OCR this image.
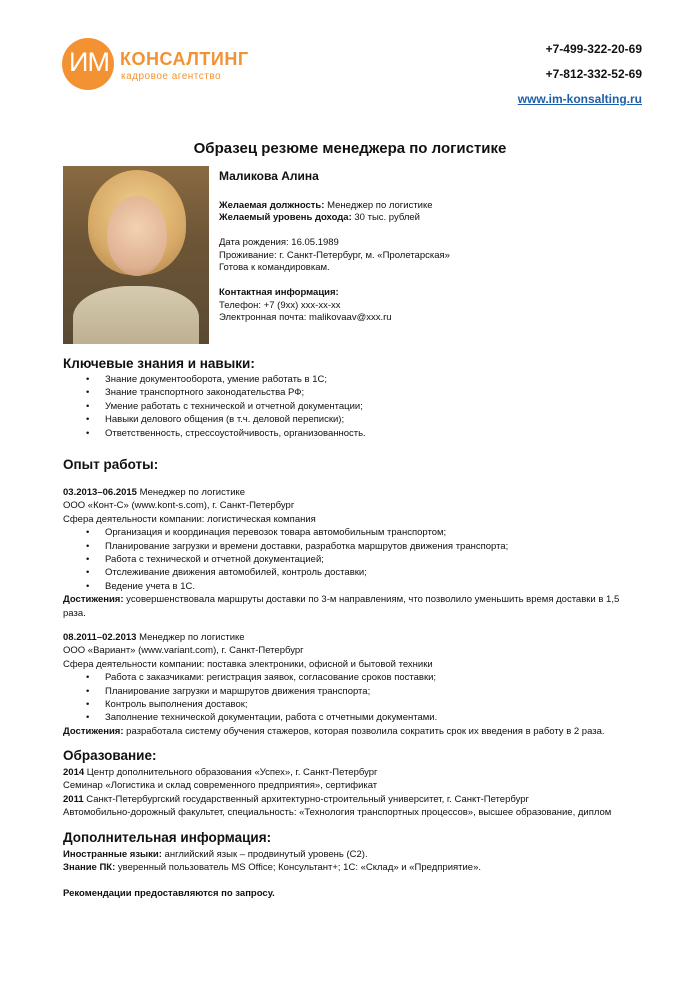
ИМ КОНСАЛТИНГ
кадровое агентство
+7-499-322-20-69
+7-812-332-52-69
www.im-konsalting.ru
Образец резюме менеджера по логистике
Маликова Алина
Желаемая должность: Менеджер по логистике
Желаемый уровень дохода: 30 тыс. рублей
Дата рождения: 16.05.1989
Проживание: г. Санкт-Петербург, м. «Пролетарская»
Готова к командировкам.
Контактная информация:
Телефон: +7 (9хх) ххх-хх-хх
Электронная почта: malikovaav@xxx.ru
Ключевые знания и навыки:
• Знание документооборота, умение работать в 1С;
• Знание транспортного законодательства РФ;
• Умение работать с технической и отчетной документации;
• Навыки делового общения (в т.ч. деловой переписки);
• Ответственность, стрессоустойчивость, организованность.
Опыт работы:
03.2013–06.2015 Менеджер по логистике
ООО «Конт-С» (www.kont-s.com), г. Санкт-Петербург
Сфера деятельности компании: логистическая компания
• Организация и координация перевозок товара автомобильным транспортом;
• Планирование загрузки и времени доставки, разработка маршрутов движения транспорта;
• Работа с технической и отчетной документацией;
• Отслеживание движения автомобилей, контроль доставки;
• Ведение учета в 1С.
Достижения: усовершенствовала маршруты доставки по 3-м направлениям, что позволило уменьшить время доставки в 1,5 раза.
08.2011–02.2013 Менеджер по логистике
ООО «Вариант» (www.variant.com), г. Санкт-Петербург
Сфера деятельности компании: поставка электроники, офисной и бытовой техники
• Работа с заказчиками: регистрация заявок, согласование сроков поставки;
• Планирование загрузки и маршрутов движения транспорта;
• Контроль выполнения доставок;
• Заполнение технической документации, работа с отчетными документами.
Достижения: разработала систему обучения стажеров, которая позволила сократить срок их введения в работу в 2 раза.
Образование:
2014 Центр дополнительного образования «Успех», г. Санкт-Петербург
Семинар «Логистика и склад современного предприятия», сертификат
2011 Санкт-Петербургский государственный архитектурно-строительный университет, г. Санкт-Петербург
Автомобильно-дорожный факультет, специальность: «Технология транспортных процессов», высшее образование, диплом
Дополнительная информация:
Иностранные языки: английский язык – продвинутый уровень (С2).
Знание ПК: уверенный пользователь MS Office; Консультант+; 1С: «Склад» и «Предприятие».
Рекомендации предоставляются по запросу.
